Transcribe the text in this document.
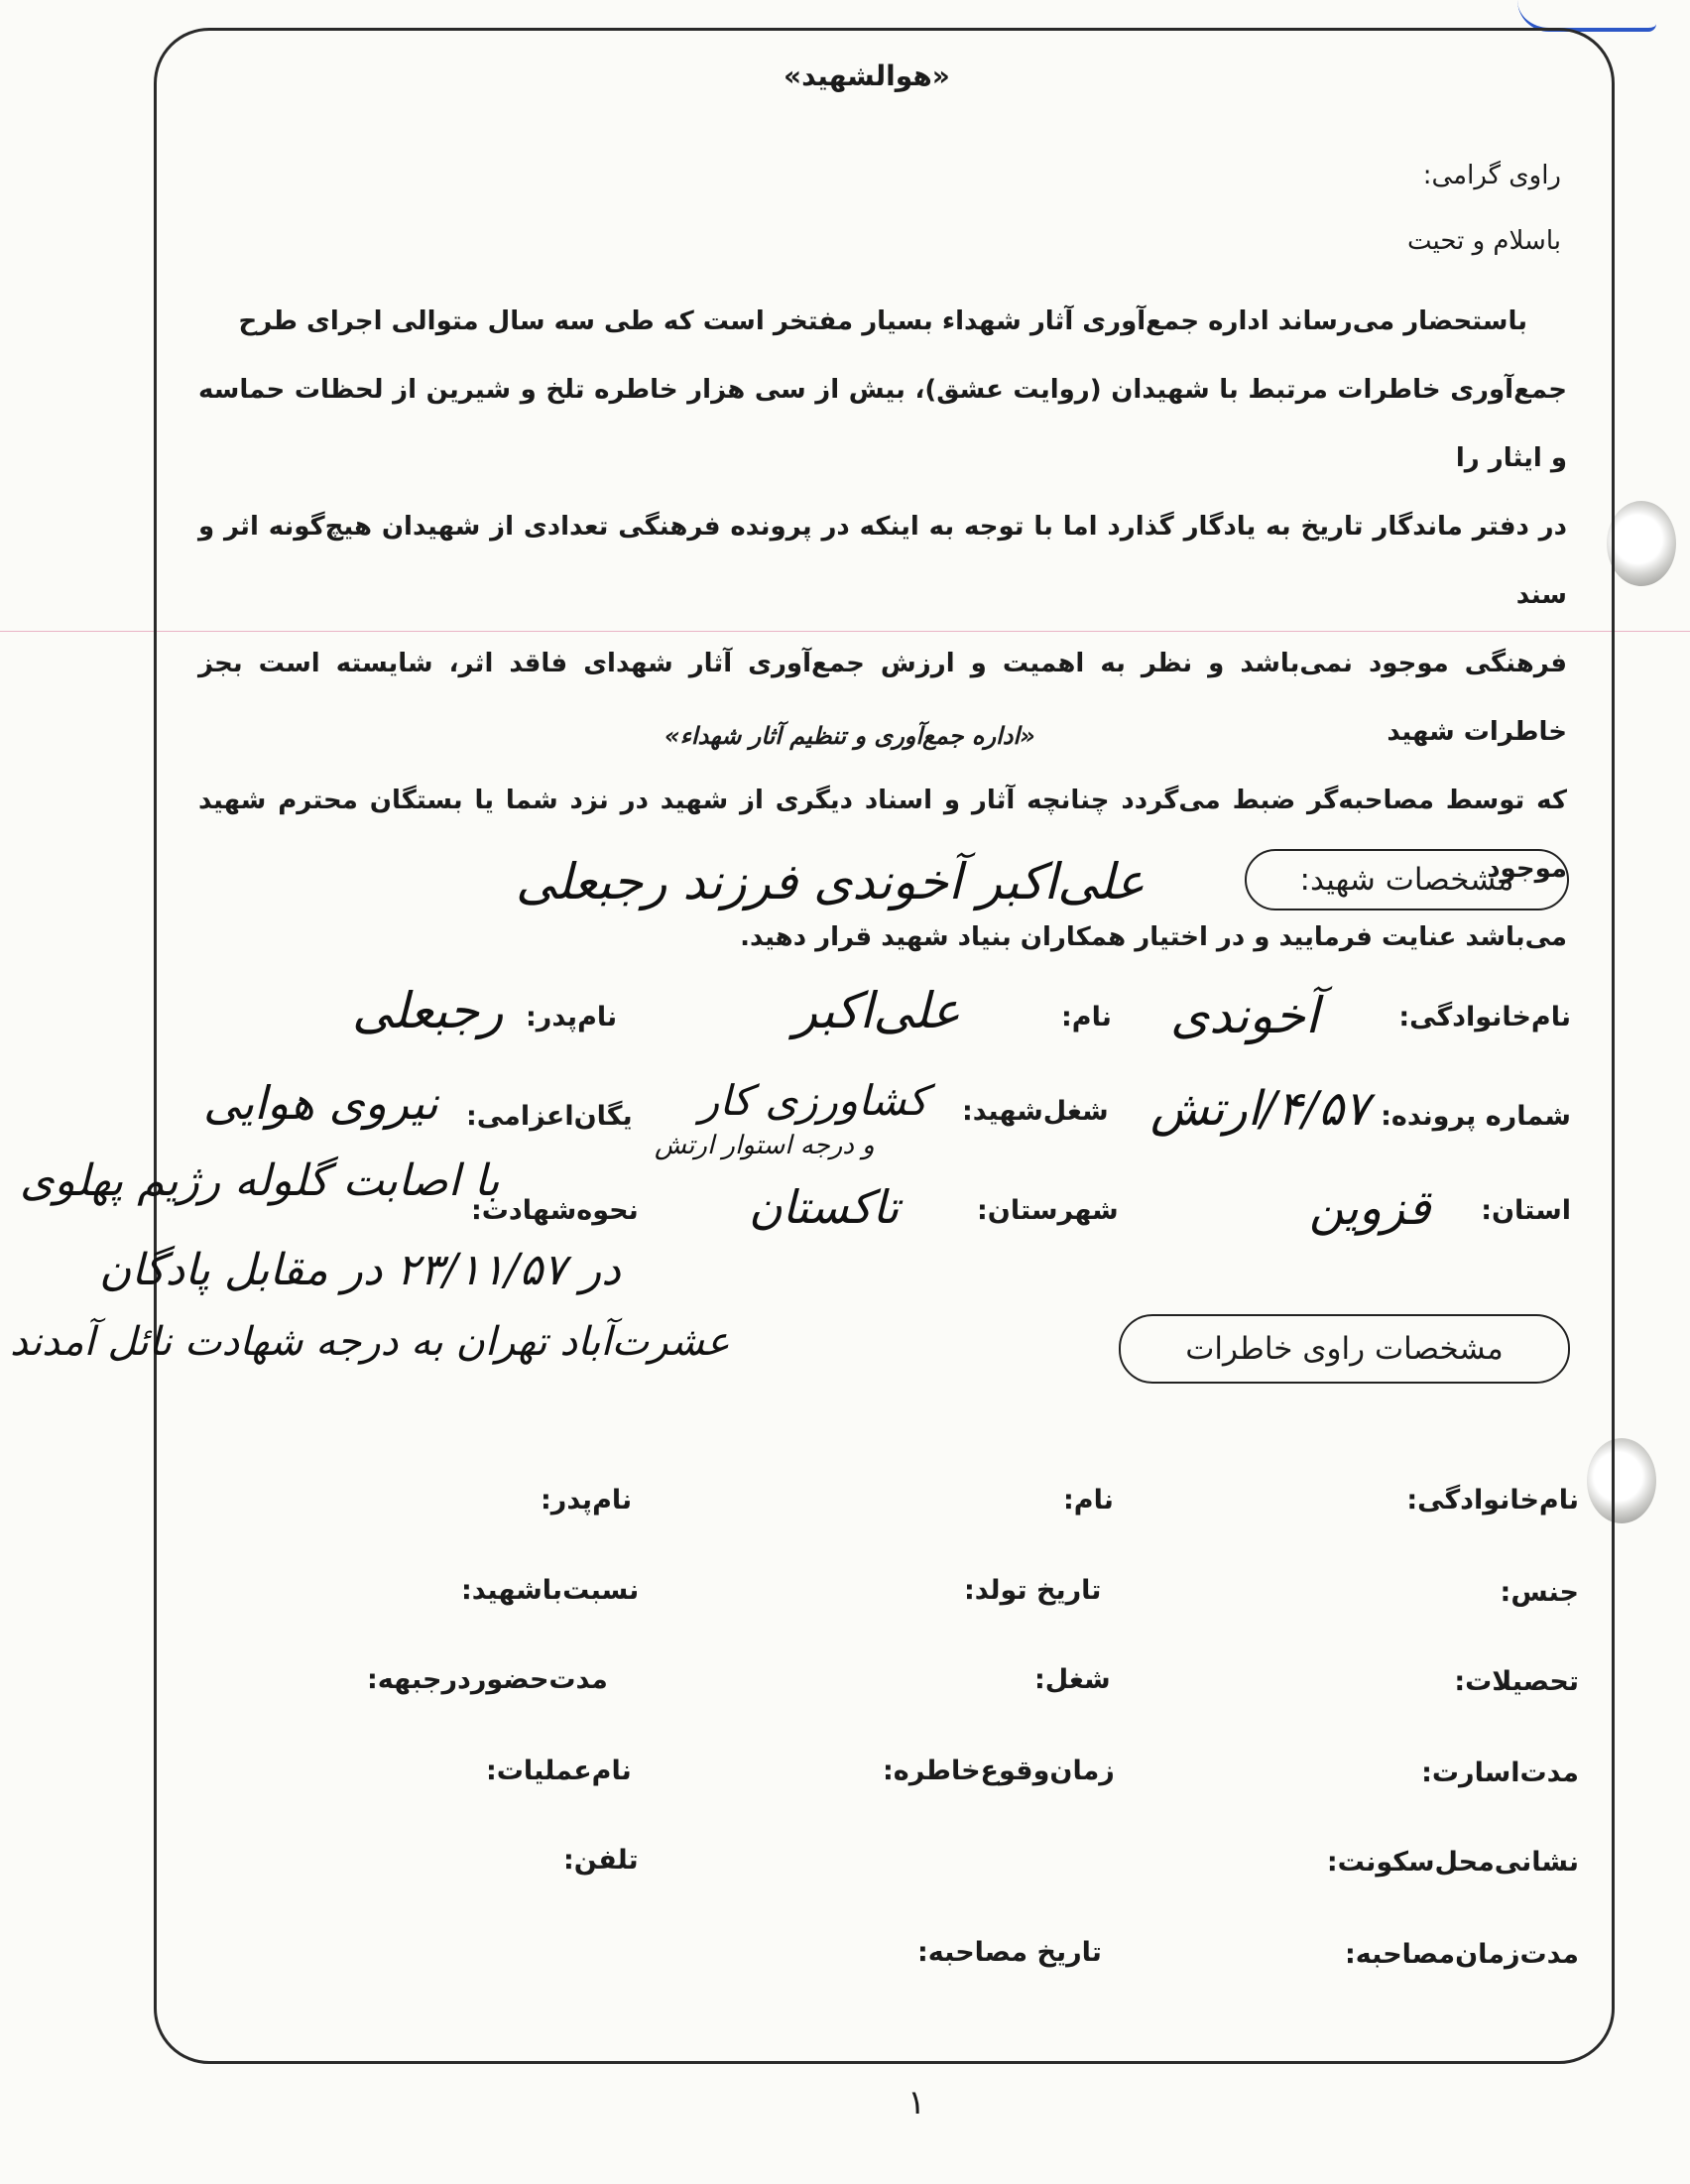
«هوالشهید»
راوی گرامی:
باسلام و تحیت
باستحضار می‌رساند اداره جمع‌آوری آثار شهداء بسیار مفتخر است که طی سه سال متوالی اجرای طرح
جمع‌آوری خاطرات مرتبط با شهیدان (روایت عشق)، بیش از سی هزار خاطره تلخ و شیرین از لحظات حماسه و ایثار را
در دفتر ماندگار تاریخ به یادگار گذارد اما با توجه به اینکه در پرونده فرهنگی تعدادی از شهیدان هیچ‌گونه اثر و سند
فرهنگی موجود نمی‌باشد و نظر به اهمیت و ارزش جمع‌آوری آثار شهدای فاقد اثر، شایسته است بجز خاطرات شهید
که توسط مصاحبه‌گر ضبط می‌گردد چنانچه آثار و اسناد دیگری از شهید در نزد شما یا بستگان محترم شهید موجود
می‌باشد عنایت فرمایید و در اختیار همکاران بنیاد شهید قرار دهید.
«اداره جمع‌آوری و تنظیم آثار شهداء»
مشخصات شهید:
علی‌اکبر آخوندی فرزند رجبعلی
نام‌خانوادگی:
آخوندی
نام:
علی‌اکبر
نام‌پدر:
رجبعلی
شماره پرونده:
۴/۵۷/ارتش
شغل‌شهید:
کشاورزی کار
و درجه استوار ارتش
یگان‌اعزامی:
نیروی هوایی
استان:
قزوین
شهرستان:
تاکستان
نحوه‌شهادت:
با اصابت گلوله رژیم پهلوی
در ۲۳/۱۱/۵۷ در مقابل پادگان
عشرت‌آباد تهران به درجه شهادت نائل آمدند	مشخصات راوی خاطرات
نام‌خانوادگی:
نام:
نام‌پدر:
جنس:
تاریخ تولد:
نسبت‌با‌شهید:
تحصیلات:
شغل:
مدت‌حضور‌در‌جبهه:
مدت‌اسارت:
زمان‌وقوع‌خاطره:
نام‌عملیات:
نشانی‌محل‌سکونت:
تلفن:
مدت‌زمان‌مصاحبه:
تاریخ مصاحبه:
۱
